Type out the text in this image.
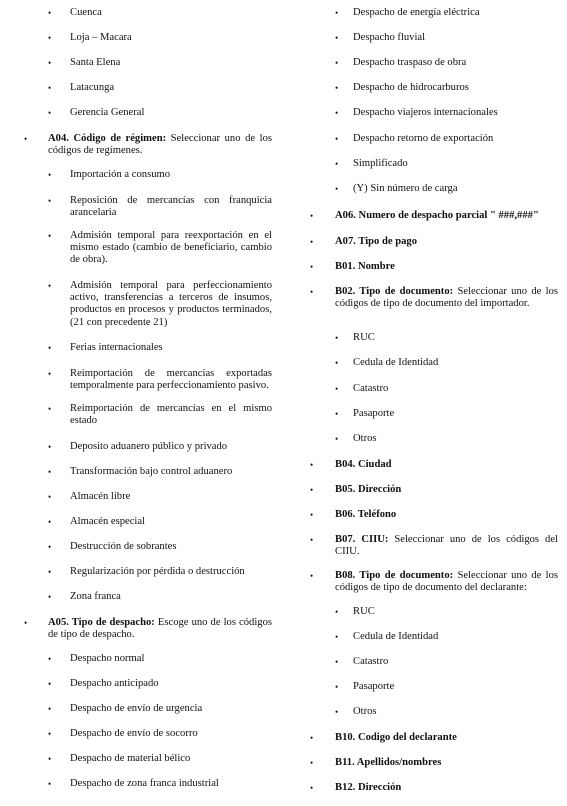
• Cuenca
• Loja – Macara
• Santa Elena
• Latacunga
• Gerencia General
• A04. Código de régimen: Seleccionar uno de los códigos de regímenes.
• Importación a consumo
• Reposición de mercancías con franquicia arancelaria
• Admisión temporal para reexportación en el mismo estado (cambio de beneficiario, cambio de obra).
• Admisión temporal para perfeccionamiento activo, transferencias a terceros de insumos, productos en procesos y productos terminados, (21 con precedente 21)
• Ferias internacionales
• Reimportación de mercancías exportadas temporalmente para perfeccionamiento pasivo.
• Reimportación de mercancías en el mismo estado
• Deposito aduanero público y privado
• Transformación bajo control aduanero
• Almacén libre
• Almacén especial
• Destrucción de sobrantes
• Regularización por pérdida o destrucción
• Zona franca
• A05. Tipo de despacho: Escoge uno de los códigos de tipo de despacho.
• Despacho normal
• Despacho anticipado
• Despacho de envío de urgencia
• Despacho de envío de socorro
• Despacho de material bélico
• Despacho de zona franca industrial
• Despacho de energía eléctrica
• Despacho fluvial
• Despacho traspaso de obra
• Despacho de hidrocarburos
• Despacho viajeros internacionales
• Despacho retorno de exportación
• Simplificado
• (Y) Sin número de carga
• A06. Numero de despacho parcial " ###,###"
• A07. Tipo de pago
• B01. Nombre
• B02. Tipo de documento: Seleccionar uno de los códigos de tipo de documento del importador.
• RUC
• Cedula de Identidad
• Catastro
• Pasaporte
• Otros
• B04. Ciudad
• B05. Dirección
• B06. Teléfono
• B07. CIIU: Seleccionar uno de los códigos del CIIU.
• B08. Tipo de documento: Seleccionar uno de los códigos de tipo de documento del declarante:
• RUC
• Cedula de Identidad
• Catastro
• Pasaporte
• Otros
• B10. Codigo del declarante
• B11. Apellidos/nombres
• B12. Dirección
